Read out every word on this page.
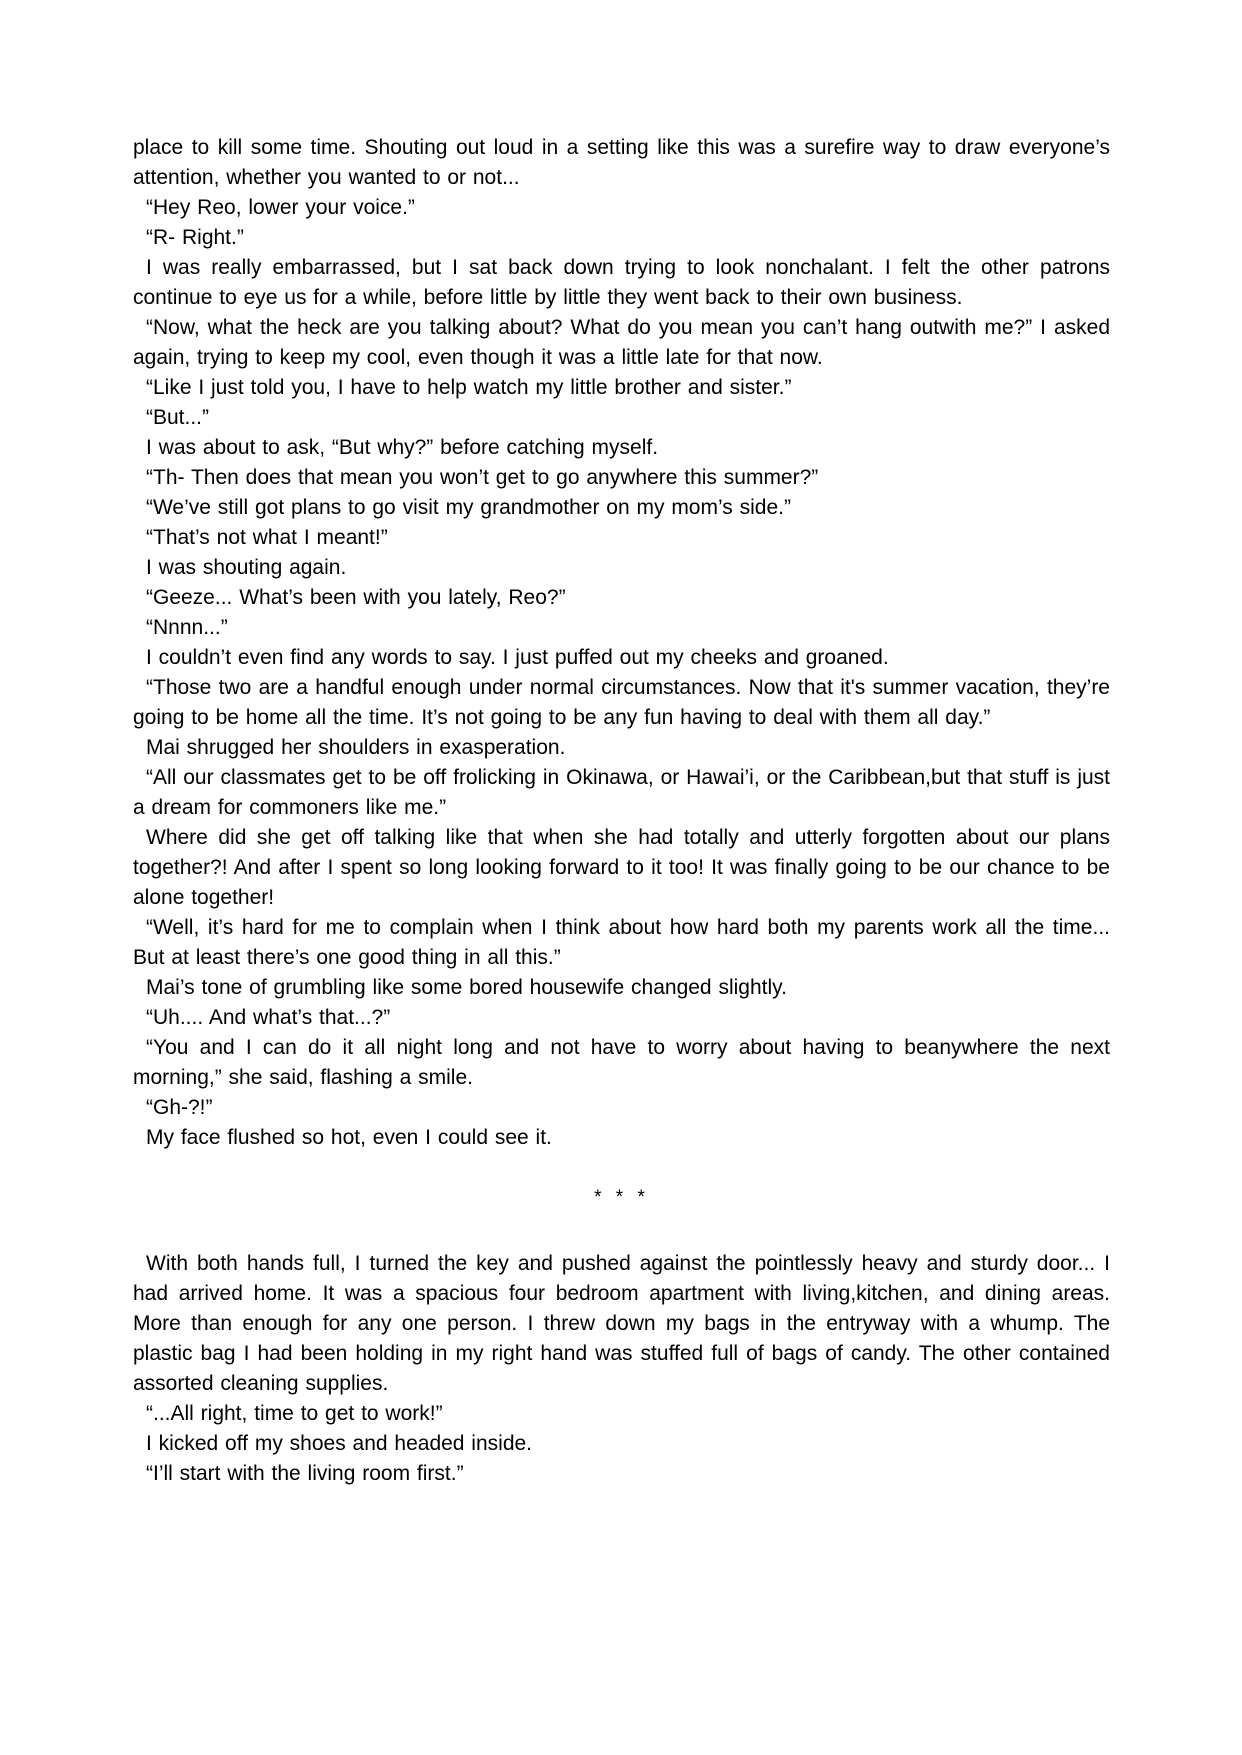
place to kill some time. Shouting out loud in a setting like this was a surefire way to draw everyone’s attention, whether you wanted to or not...

“Hey Reo, lower your voice.”

“R- Right.”

I was really embarrassed, but I sat back down trying to look nonchalant. I felt the other patrons continue to eye us for a while, before little by little they went back to their own business.

“Now, what the heck are you talking about? What do you mean you can’t hang outwith me?” I asked again, trying to keep my cool, even though it was a little late for that now.

“Like I just told you, I have to help watch my little brother and sister.”

“But...”

I was about to ask, “But why?” before catching myself.

“Th- Then does that mean you won’t get to go anywhere this summer?”

“We’ve still got plans to go visit my grandmother on my mom’s side.”

“That’s not what I meant!”

I was shouting again.

“Geeze... What’s been with you lately, Reo?”

“Nnnn...”

I couldn’t even find any words to say. I just puffed out my cheeks and groaned.

“Those two are a handful enough under normal circumstances. Now that it's summer vacation, they’re going to be home all the time. It’s not going to be any fun having to deal with them all day.”

Mai shrugged her shoulders in exasperation.

“All our classmates get to be off frolicking in Okinawa, or Hawai’i, or the Caribbean,but that stuff is just a dream for commoners like me.”

Where did she get off talking like that when she had totally and utterly forgotten about our plans together?! And after I spent so long looking forward to it too! It was finally going to be our chance to be alone together!

“Well, it’s hard for me to complain when I think about how hard both my parents work all the time... But at least there’s one good thing in all this.”

Mai’s tone of grumbling like some bored housewife changed slightly.

“Uh.... And what’s that...?”

“You and I can do it all night long and not have to worry about having to beanywhere the next morning,” she said, flashing a smile.

“Gh-?!”

My face flushed so hot, even I could see it.

* * *

With both hands full, I turned the key and pushed against the pointlessly heavy and sturdy door... I had arrived home. It was a spacious four bedroom apartment with living,kitchen, and dining areas. More than enough for any one person. I threw down my bags in the entryway with a whump. The plastic bag I had been holding in my right hand was stuffed full of bags of candy. The other contained assorted cleaning supplies.

“...All right, time to get to work!”

I kicked off my shoes and headed inside.

“I’ll start with the living room first.”
